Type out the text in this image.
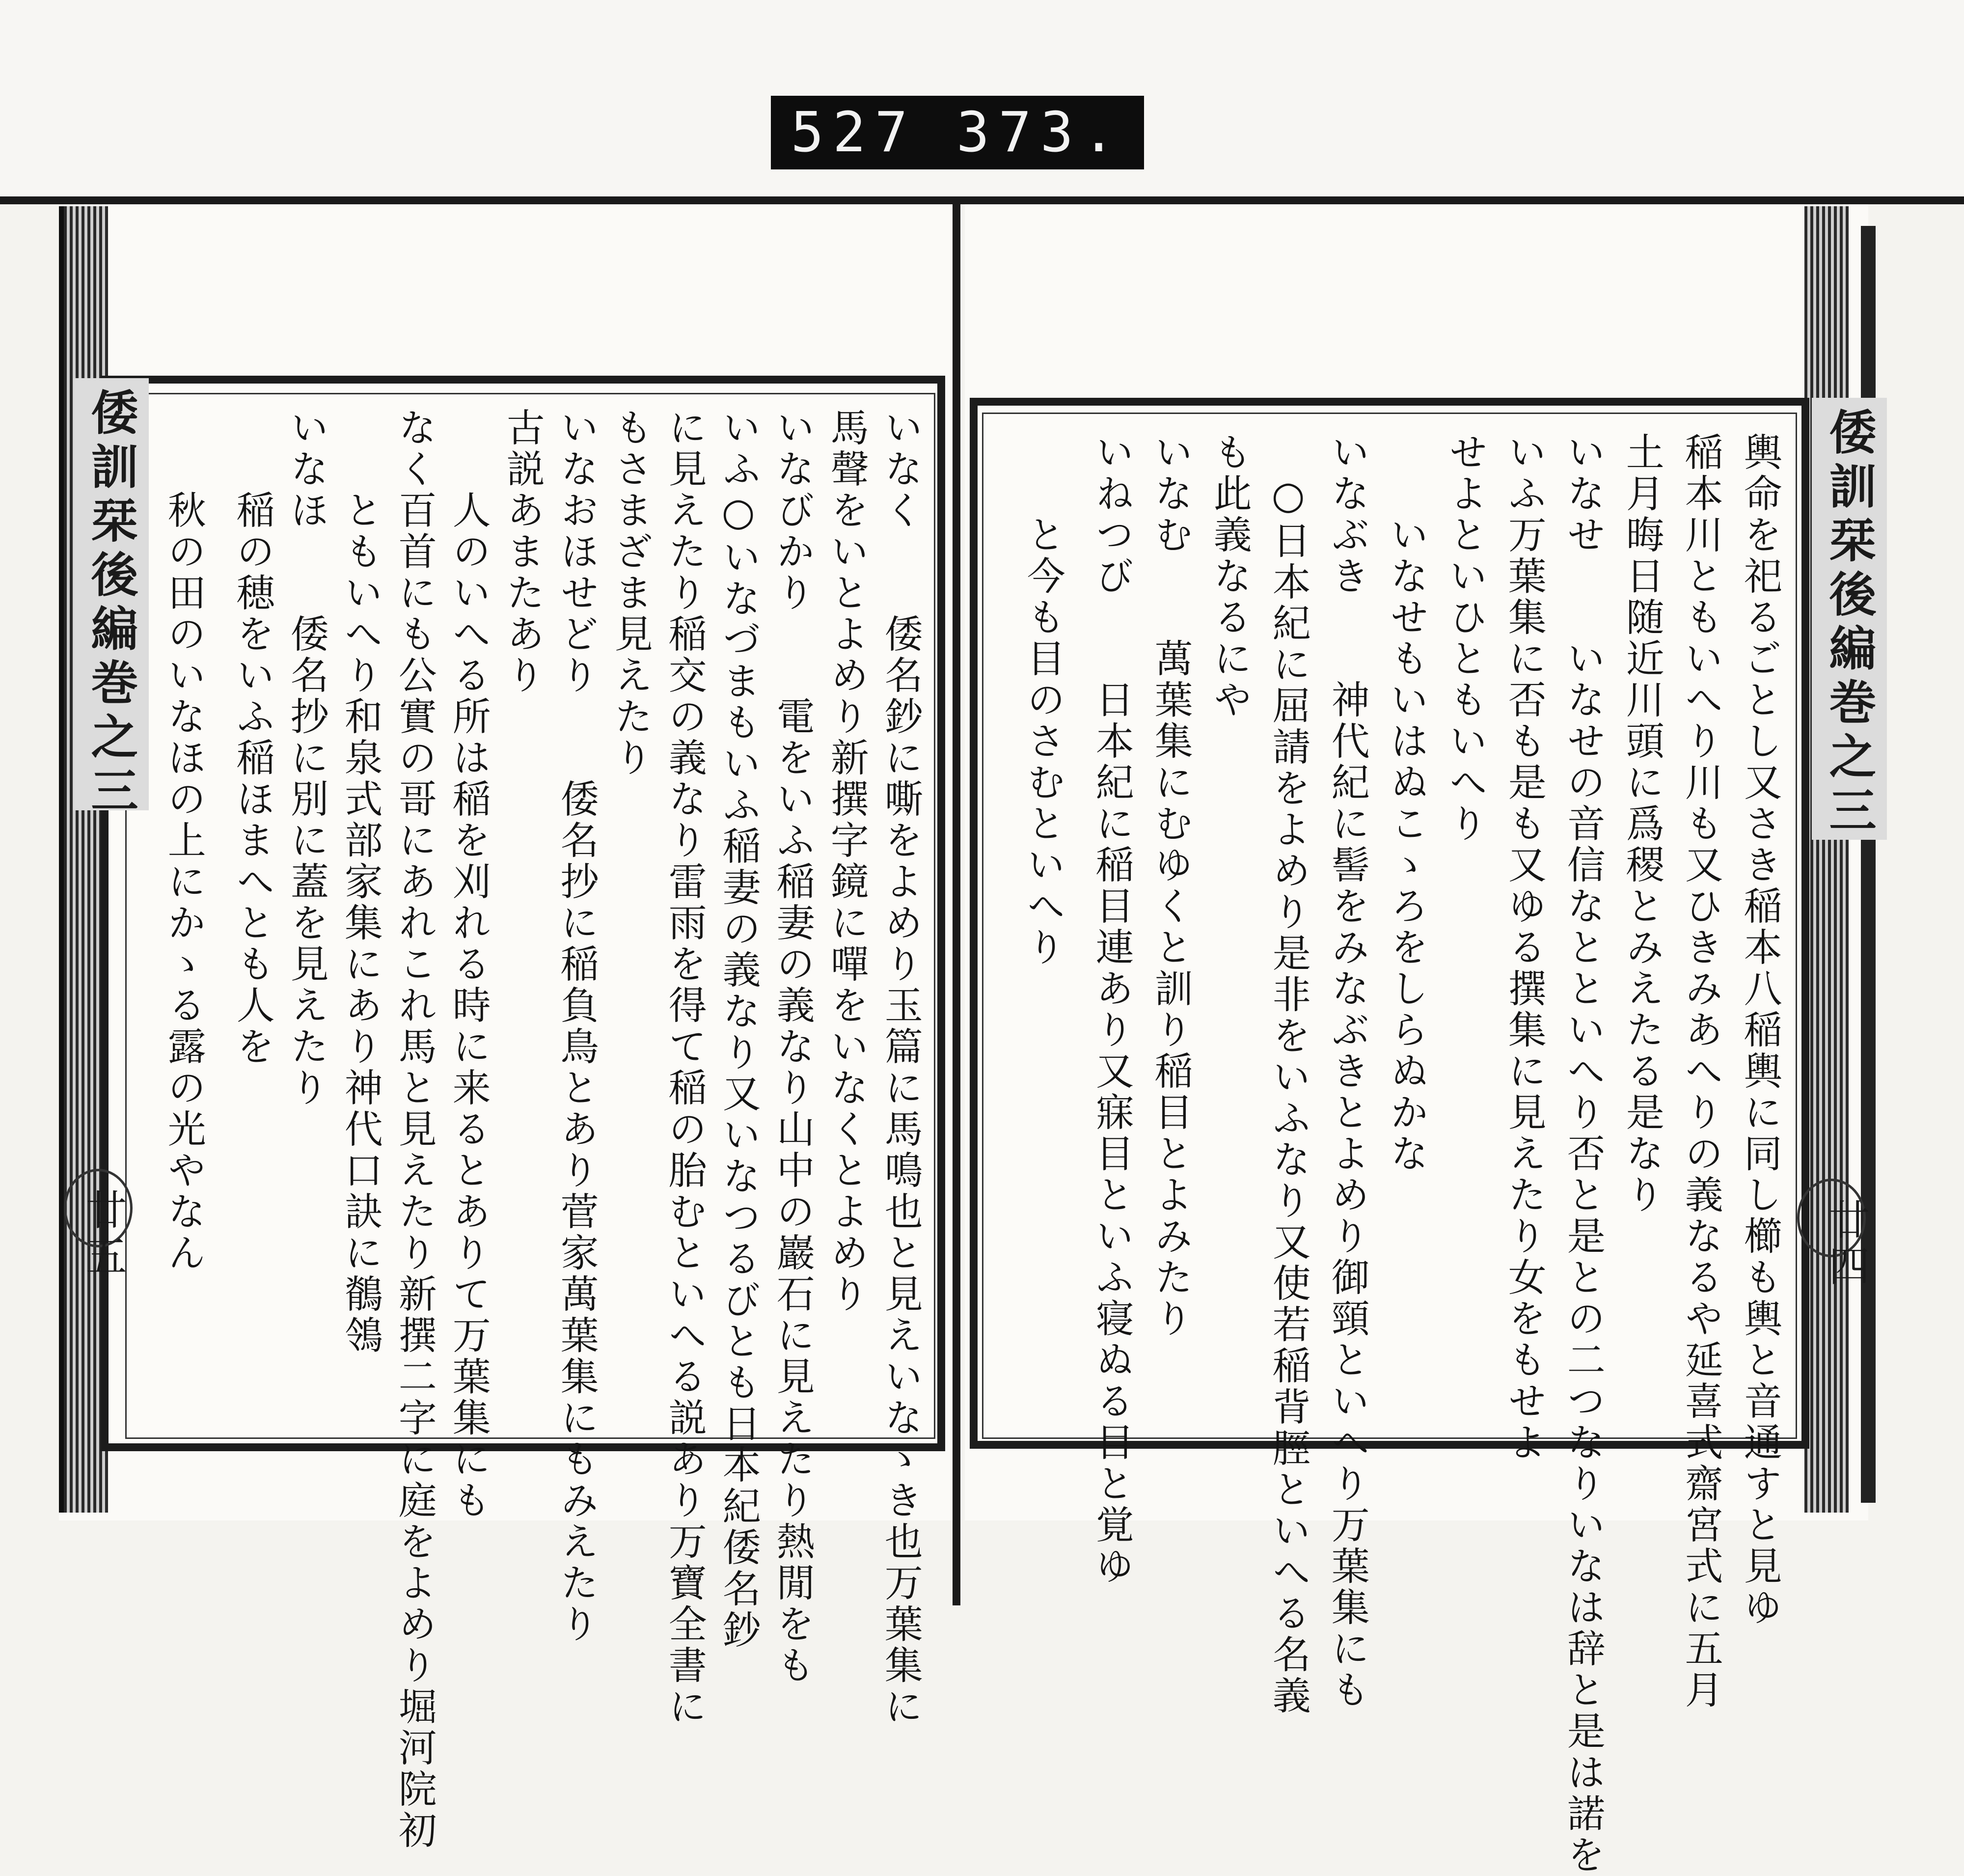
527 373.
倭訓栞後編巻之三	倭訓栞後編巻之三
廿五	廿四
いなく　　倭名鈔に嘶をよめり玉篇に馬鳴也と見えいなゝき也万葉集に
馬聲をいとよめり新撰字鏡に嘽をいなくとよめり
いなびかり　　電をいふ稲妻の義なり山中の巖石に見えたり熱閒をも
いふ○いなづまもいふ稲妻の義なり又いなつるびとも日本紀倭名鈔
に見えたり稲交の義なり雷雨を得て稲の胎むといへる説あり万寶全書に
もさまざま見えたり
いなおほせどり　　倭名抄に稲負鳥とあり菅家萬葉集にもみえたり
古説あまたあり
　　人のいへる所は稲を刈れる時に来るとありて万葉集にも
なく百首にも公實の哥にあれこれ馬と見えたり新撰二字に庭をよめり堀河院初
　　ともいへり和泉式部家集にあり神代口訣に鶺鴒
いなほ　　倭名抄に別に蓋を見えたり
　　稲の穂をいふ稲ほまへとも人を
　　秋の田のいなほの上にかゝる露の光やなん	輿命を祀るごとし又さき稲本八稲輿に同し櫛も輿と音通すと見ゆ
稲本川ともいへり川も又ひきみあへりの義なるや延喜式齋宮式に五月
土月晦日随近川頭に爲稷とみえたる是なり
いなせ　　いなせの音信なとといへり否と是との二つなりいなは辞と是は諾を
いふ万葉集に否も是も又ゆる撰集に見えたり女をもせよ
せよといひともいへり
　　いなせもいはぬこゝろをしらぬかな
いなぶき　　神代紀に髻をみなぶきとよめり御頸といへり万葉集にも
　○日本紀に屈請をよめり是非をいふなり又使若稲背脛といへる名義
も此義なるにや
いなむ　　萬葉集にむゆくと訓り稲目とよみたり
いねつび　　日本紀に稲目連あり又寐目といふ寝ぬる目と覚ゆ
　　と今も目のさむといへり
